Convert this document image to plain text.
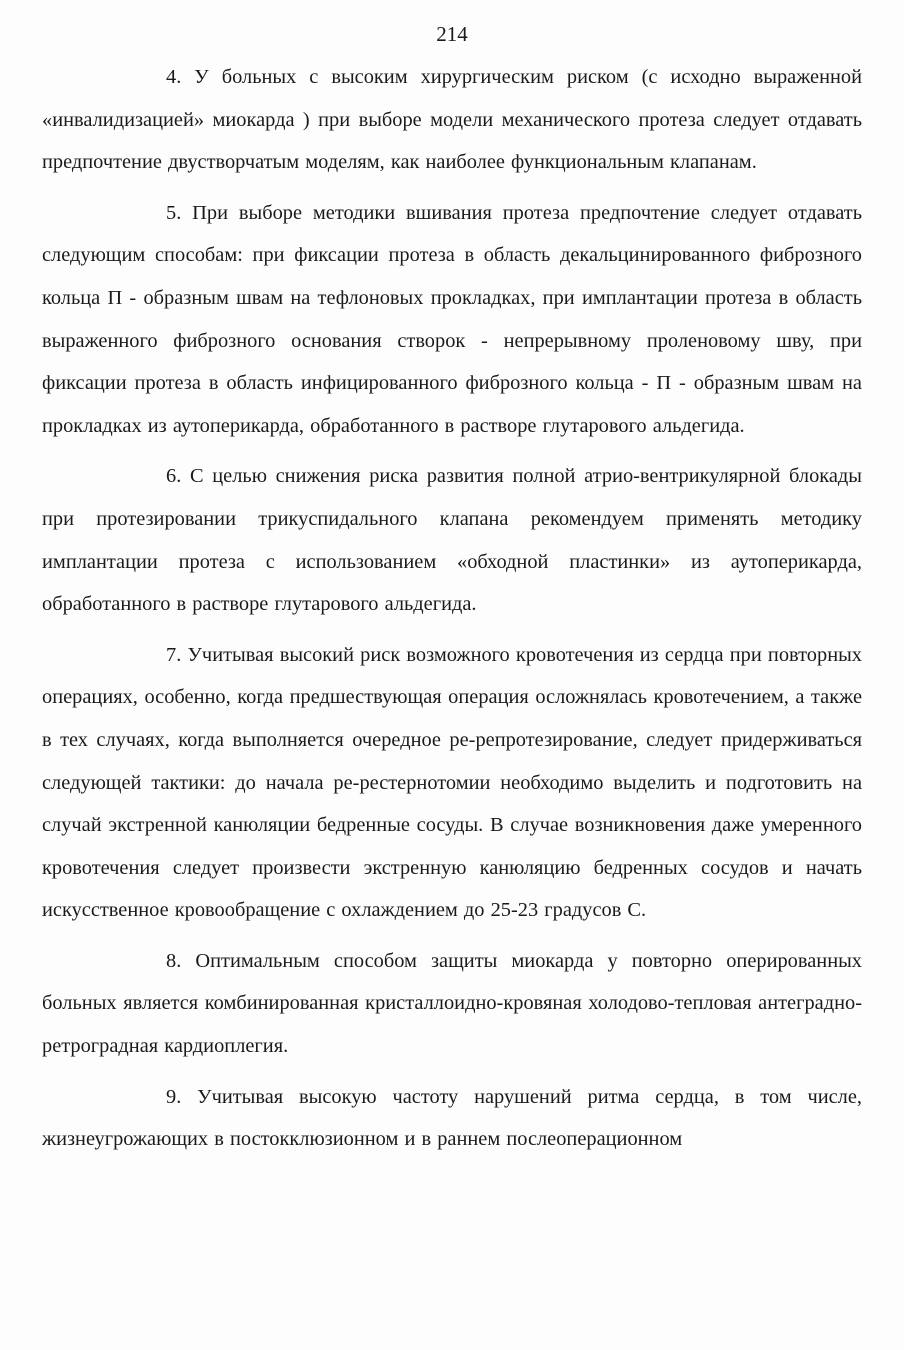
214

4. У больных с высоким хирургическим риском (с исходно выраженной «инвалидизацией» миокарда ) при выборе модели механического протеза следует отдавать предпочтение двустворчатым моделям, как наиболее функциональным клапанам.

5. При выборе методики вшивания протеза предпочтение следует отдавать следующим способам: при фиксации протеза в область декальцинированного фиброзного кольца П - образным швам на тефлоновых прокладках, при имплантации протеза в область выраженного фиброзного основания створок - непрерывному проленовому шву, при фиксации протеза в область инфицированного фиброзного кольца - П - образным швам на прокладках из аутоперикарда, обработанного в растворе глутарового альдегида.

6. С целью снижения риска развития полной атрио-вентрикулярной блокады при протезировании трикуспидального клапана рекомендуем применять методику имплантации протеза с использованием «обходной пластинки» из аутоперикарда, обработанного в растворе глутарового альдегида.

7. Учитывая высокий риск возможного кровотечения из сердца при повторных операциях, особенно, когда предшествующая операция осложнялась кровотечением, а также в тех случаях, когда выполняется очередное ре-репротезирование, следует придерживаться следующей тактики: до начала ре-рестернотомии необходимо выделить и подготовить на случай экстренной канюляции бедренные сосуды. В случае возникновения даже умеренного кровотечения следует произвести экстренную канюляцию бедренных сосудов и начать искусственное кровообращение с охлаждением до 25-23 градусов С.

8. Оптимальным способом защиты миокарда у повторно оперированных больных является комбинированная кристаллоидно-кровяная холодово-тепловая антеградно-ретроградная кардиоплегия.

9. Учитывая высокую частоту нарушений ритма сердца, в том числе, жизнеугрожающих в постокклюзионном и в раннем послеоперационном
